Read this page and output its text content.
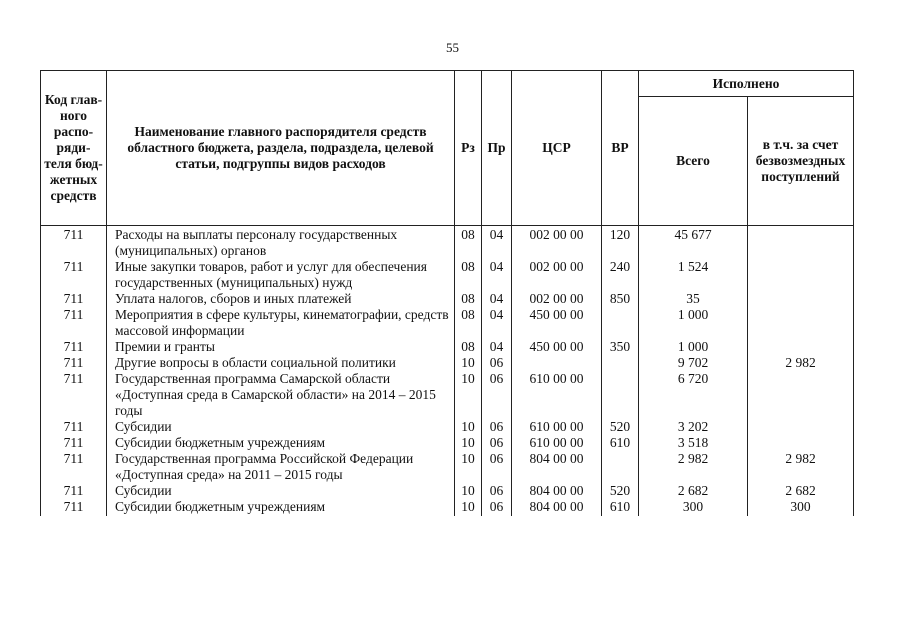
55
Код глав-ного распо-ряди-теля бюд-жетных средств	Наименование главного распорядителя средств областного бюджета, раздела, подраздела, целевой статьи, подгруппы видов расходов	Рз	Пр	ЦСР	ВР	Исполнено	
						Всего	в т.ч. за счет безвозмездных поступлений
711	Расходы на выплаты персоналу государственных (муниципальных) органов	08	04	002 00 00	120	45 677	
711	Иные закупки товаров, работ и услуг для обеспечения государственных (муниципальных) нужд	08	04	002 00 00	240	1 524	
711	Уплата налогов, сборов и иных платежей	08	04	002 00 00	850	35	
711	Мероприятия в сфере культуры, кинематографии, средств массовой информации	08	04	450 00 00		1 000	
711	Премии и гранты	08	04	450 00 00	350	1 000	
711	Другие вопросы в области социальной политики	10	06			9 702	2 982
711	Государственная программа Самарской области «Доступная среда в Самарской области» на 2014 – 2015 годы	10	06	610 00 00		6 720	
711	Субсидии	10	06	610 00 00	520	3 202	
711	Субсидии бюджетным учреждениям	10	06	610 00 00	610	3 518	
711	Государственная программа Российской Федерации «Доступная среда» на 2011 – 2015 годы	10	06	804 00 00		2 982	2 982
711	Субсидии	10	06	804 00 00	520	2 682	2 682
711	Субсидии бюджетным учреждениям	10	06	804 00 00	610	300	300
